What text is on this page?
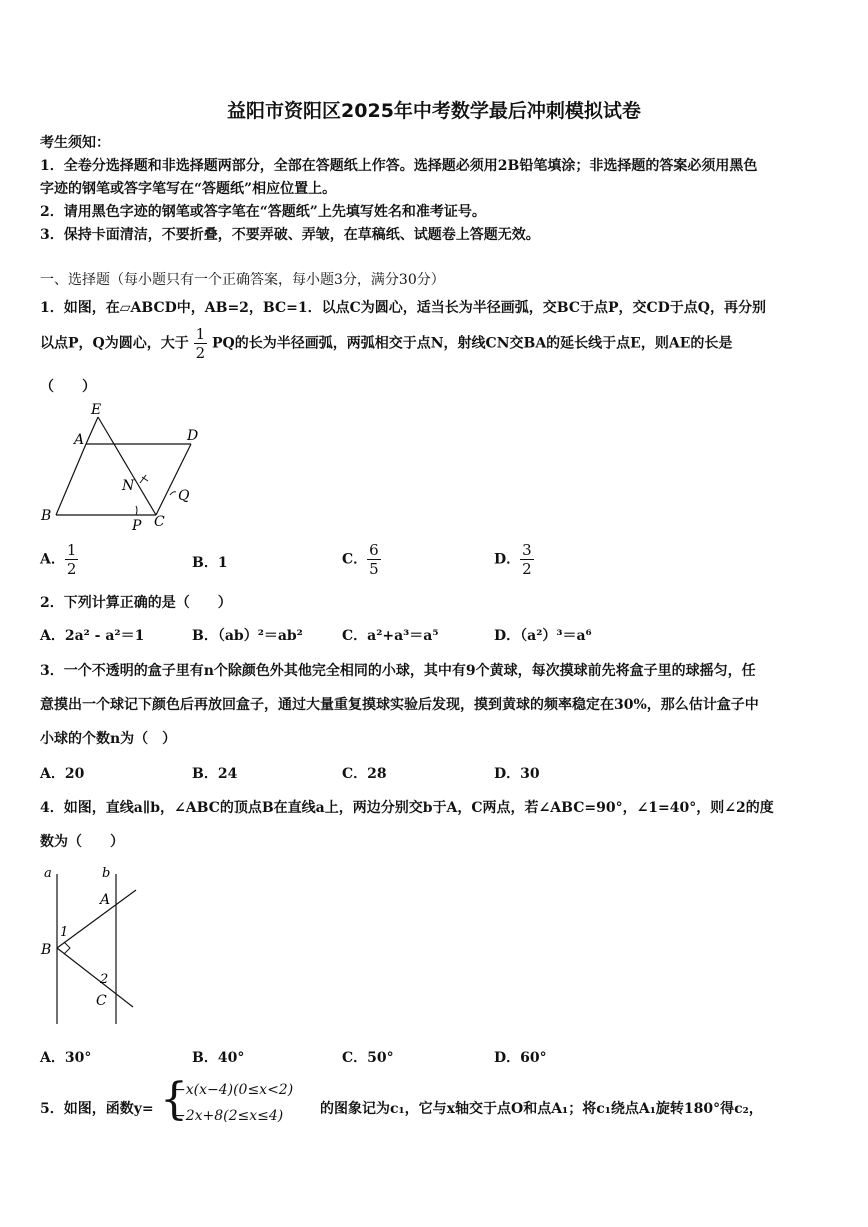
益阳市资阳区2025年中考数学最后冲刺模拟试卷
考生须知：
1．全卷分选择题和非选择题两部分，全部在答题纸上作答。选择题必须用2B铅笔填涂；非选择题的答案必须用黑色
字迹的钢笔或答字笔写在“答题纸”相应位置上。
2．请用黑色字迹的钢笔或答字笔在“答题纸”上先填写姓名和准考证号。
3．保持卡面清洁，不要折叠，不要弄破、弄皱，在草稿纸、试题卷上答题无效。
一、选择题（每小题只有一个正确答案，每小题3分，满分30分）
1．如图，在▱ABCD中，AB=2，BC=1．以点C为圆心，适当长为半径画弧，交BC于点P，交CD于点Q，再分别
以点P，Q为圆心，大于 $\frac{1}{2}$ PQ的长为半径画弧，两弧相交于点N，射线CN交BA的延长线于点E，则AE的长是
（　　）
E
A	D
N
Q
B
P C
A． $\frac{1}{2}$	B．1	C． $\frac{6}{5}$	D． $\frac{3}{2}$
2．下列计算正确的是（　　）
A．2a² - a²＝1	B．（ab）²＝ab²	C．a²+a³＝a⁵	D．（a²）³＝a⁶
3．一个不透明的盒子里有n个除颜色外其他完全相同的小球，其中有9个黄球，每次摸球前先将盒子里的球摇匀，任
意摸出一个球记下颜色后再放回盒子，通过大量重复摸球实验后发现，摸到黄球的频率稳定在30%，那么估计盒子中
小球的个数n为（　）
A．20	B．24	C．28	D．30
4．如图，直线a∥b，∠ABC的顶点B在直线a上，两边分别交b于A，C两点，若∠ABC=90°，∠1=40°，则∠2的度
数为（　　）
a	b
A
1
B
2
C
A．30°	B．40°	C．50°	D．60°
5．如图，函数y= {
−x(x−4)(0≤x<2)
−2x+8(2≤x≤4)	的图象记为c₁，它与x轴交于点O和点A₁；将c₁绕点A₁旋转180°得c₂，
